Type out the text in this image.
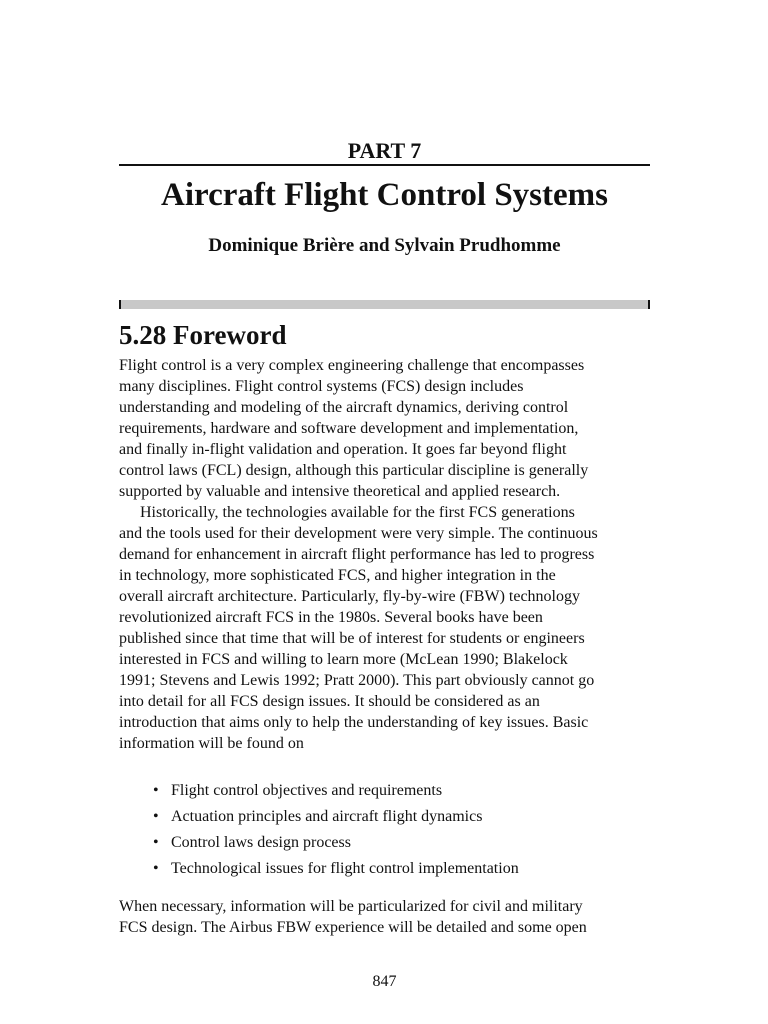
PART 7
Aircraft Flight Control Systems
Dominique Brière and Sylvain Prudhomme
5.28 Foreword

Flight control is a very complex engineering challenge that encompasses
many disciplines. Flight control systems (FCS) design includes
understanding and modeling of the aircraft dynamics, deriving control
requirements, hardware and software development and implementation,
and finally in-flight validation and operation. It goes far beyond flight
control laws (FCL) design, although this particular discipline is generally
supported by valuable and intensive theoretical and applied research.

Historically, the technologies available for the first FCS generations
and the tools used for their development were very simple. The continuous
demand for enhancement in aircraft flight performance has led to progress
in technology, more sophisticated FCS, and higher integration in the
overall aircraft architecture. Particularly, fly-by-wire (FBW) technology
revolutionized aircraft FCS in the 1980s. Several books have been
published since that time that will be of interest for students or engineers
interested in FCS and willing to learn more (McLean 1990; Blakelock
1991; Stevens and Lewis 1992; Pratt 2000). This part obviously cannot go
into detail for all FCS design issues. It should be considered as an
introduction that aims only to help the understanding of key issues. Basic
information will be found on

• Flight control objectives and requirements
• Actuation principles and aircraft flight dynamics
• Control laws design process
• Technological issues for flight control implementation

When necessary, information will be particularized for civil and military
FCS design. The Airbus FBW experience will be detailed and some open

847
